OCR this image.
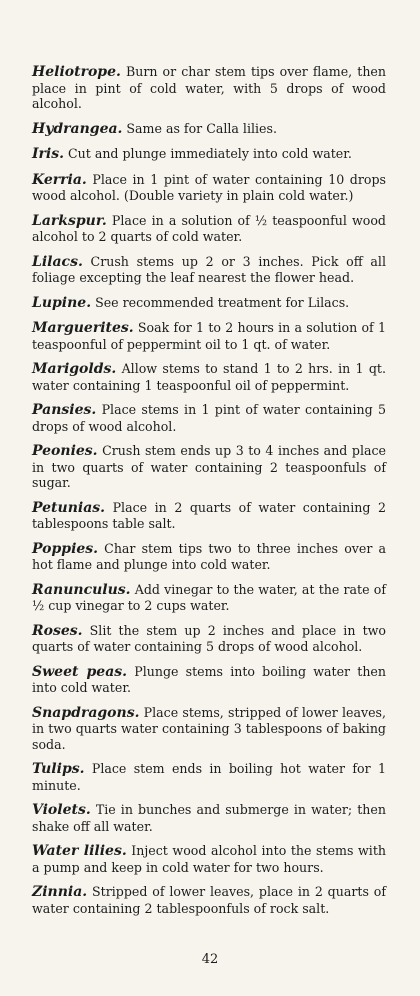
Heliotrope. Burn or char stem tips over flame, then place in pint of cold water, with 5 drops of wood alcohol.

Hydrangea. Same as for Calla lilies.

Iris. Cut and plunge immediately into cold water.

Kerria. Place in 1 pint of water containing 10 drops wood alcohol. (Double variety in plain cold water.)

Larkspur. Place in a solution of ½ teaspoonful wood alcohol to 2 quarts of cold water.

Lilacs. Crush stems up 2 or 3 inches. Pick off all foliage excepting the leaf nearest the flower head.

Lupine. See recommended treatment for Lilacs.

Marguerites. Soak for 1 to 2 hours in a solution of 1 teaspoonful of peppermint oil to 1 qt. of water.

Marigolds. Allow stems to stand 1 to 2 hrs. in 1 qt. water containing 1 teaspoonful oil of peppermint.

Pansies. Place stems in 1 pint of water containing 5 drops of wood alcohol.

Peonies. Crush stem ends up 3 to 4 inches and place in two quarts of water containing 2 teaspoonfuls of sugar.

Petunias. Place in 2 quarts of water containing 2 tablespoons table salt.

Poppies. Char stem tips two to three inches over a hot flame and plunge into cold water.

Ranunculus. Add vinegar to the water, at the rate of ½ cup vinegar to 2 cups water.

Roses. Slit the stem up 2 inches and place in two quarts of water containing 5 drops of wood alcohol.

Sweet peas. Plunge stems into boiling water then into cold water.

Snapdragons. Place stems, stripped of lower leaves, in two quarts water containing 3 tablespoons of baking soda.

Tulips. Place stem ends in boiling hot water for 1 minute.

Violets. Tie in bunches and submerge in water; then shake off all water.

Water lilies. Inject wood alcohol into the stems with a pump and keep in cold water for two hours.

Zinnia. Stripped of lower leaves, place in 2 quarts of water containing 2 tablespoonfuls of rock salt.

42
